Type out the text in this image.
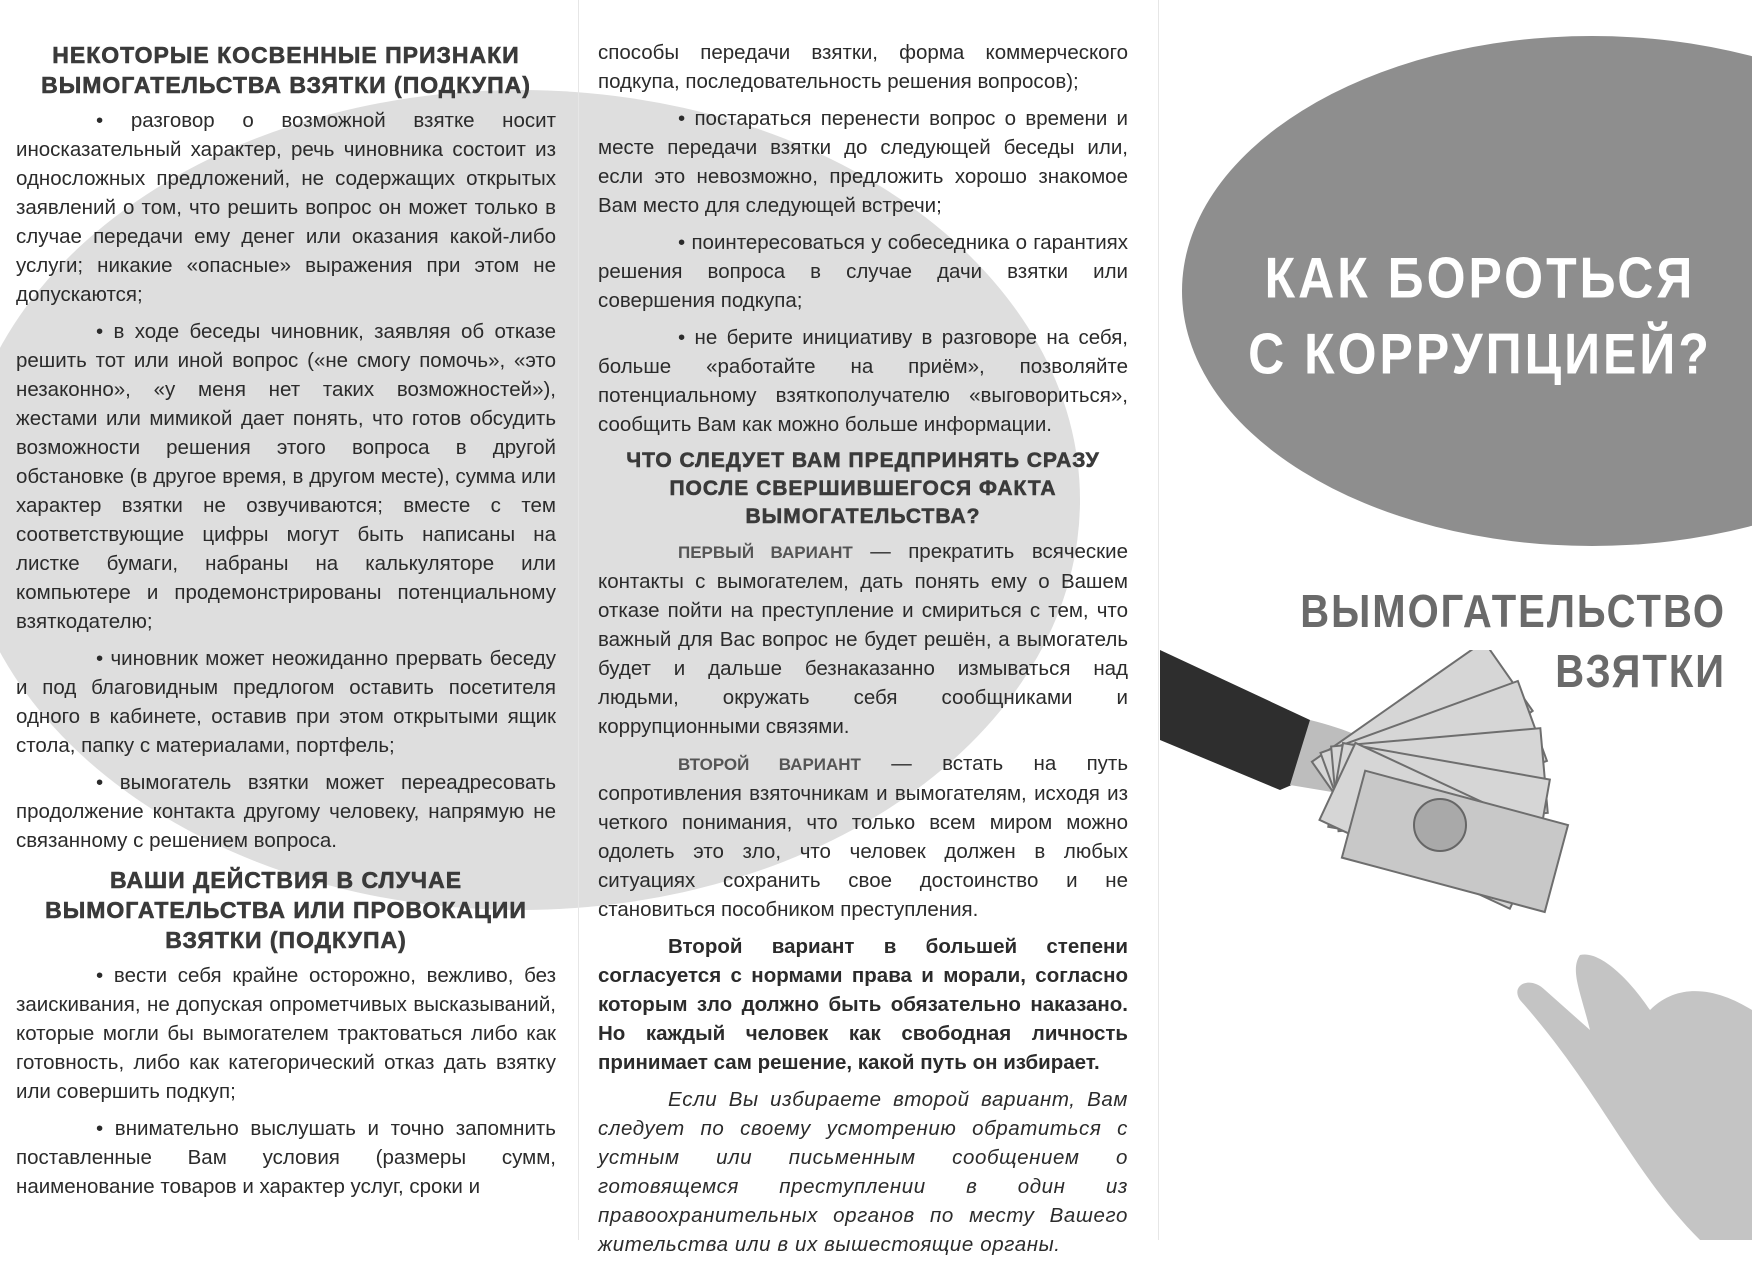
НЕКОТОРЫЕ КОСВЕННЫЕ ПРИЗНАКИ ВЫМОГАТЕЛЬСТВА ВЗЯТКИ (ПОДКУПА)

• разговор о возможной взятке носит иносказательный характер, речь чиновника состоит из односложных предложений, не содержащих открытых заявлений о том, что решить вопрос он может только в случае передачи ему денег или оказания какой-либо услуги; никакие «опасные» выражения при этом не допускаются;

• в ходе беседы чиновник, заявляя об отказе решить тот или иной вопрос («не смогу помочь», «это незаконно», «у меня нет таких возможностей»), жестами или мимикой дает понять, что готов обсудить возможности решения этого вопроса в другой обстановке (в другое время, в другом месте), сумма или характер взятки не озвучиваются; вместе с тем соответствующие цифры могут быть написаны на листке бумаги, набраны на калькуляторе или компьютере и продемонстрированы потенциальному взяткодателю;

• чиновник может неожиданно прервать беседу и под благовидным предлогом оставить посетителя одного в кабинете, оставив при этом открытыми ящик стола, папку с материалами, портфель;

• вымогатель взятки может переадресовать продолжение контакта другому человеку, напрямую не связанному с решением вопроса.

ВАШИ ДЕЙСТВИЯ В СЛУЧАЕ ВЫМОГАТЕЛЬСТВА ИЛИ ПРОВОКАЦИИ ВЗЯТКИ (ПОДКУПА)

• вести себя крайне осторожно, вежливо, без заискивания, не допуская опрометчивых высказываний, которые могли бы вымогателем трактоваться либо как готовность, либо как категорический отказ дать взятку или совершить подкуп;

• внимательно выслушать и точно запомнить поставленные Вам условия (размеры сумм, наименование товаров и характер услуг, сроки и

способы передачи взятки, форма коммерческого подкупа, последовательность решения вопросов);

• постараться перенести вопрос о времени и месте передачи взятки до следующей беседы или, если это невозможно, предложить хорошо знакомое Вам место для следующей встречи;

• поинтересоваться у собеседника о гарантиях решения вопроса в случае дачи взятки или совершения подкупа;

• не берите инициативу в разговоре на себя, больше «работайте на приём», позволяйте потенциальному взяткополучателю «выговориться», сообщить Вам как можно больше информации.

ЧТО СЛЕДУЕТ ВАМ ПРЕДПРИНЯТЬ СРАЗУ ПОСЛЕ СВЕРШИВШЕГОСЯ ФАКТА ВЫМОГАТЕЛЬСТВА?

ПЕРВЫЙ ВАРИАНТ — прекратить всяческие контакты с вымогателем, дать понять ему о Вашем отказе пойти на преступление и смириться с тем, что важный для Вас вопрос не будет решён, а вымогатель будет и дальше безнаказанно измываться над людьми, окружать себя сообщниками и коррупционными связями.

ВТОРОЙ ВАРИАНТ — встать на путь сопротивления взяточникам и вымогателям, исходя из четкого понимания, что только всем миром можно одолеть это зло, что человек должен в любых ситуациях сохранить свое достоинство и не становиться пособником преступления.

Второй вариант в большей степени согласуется с нормами права и морали, согласно которым зло должно быть обязательно наказано. Но каждый человек как свободная личность принимает сам решение, какой путь он избирает.

Если Вы избираете второй вариант, Вам следует по своему усмотрению обратиться с устным или письменным сообщением о готовящемся преступлении в один из правоохранительных органов по месту Вашего жительства или в их вышестоящие органы.

КАК БОРОТЬСЯ
С КОРРУПЦИЕЙ?
ВЫМОГАТЕЛЬСТВО
ВЗЯТКИ
